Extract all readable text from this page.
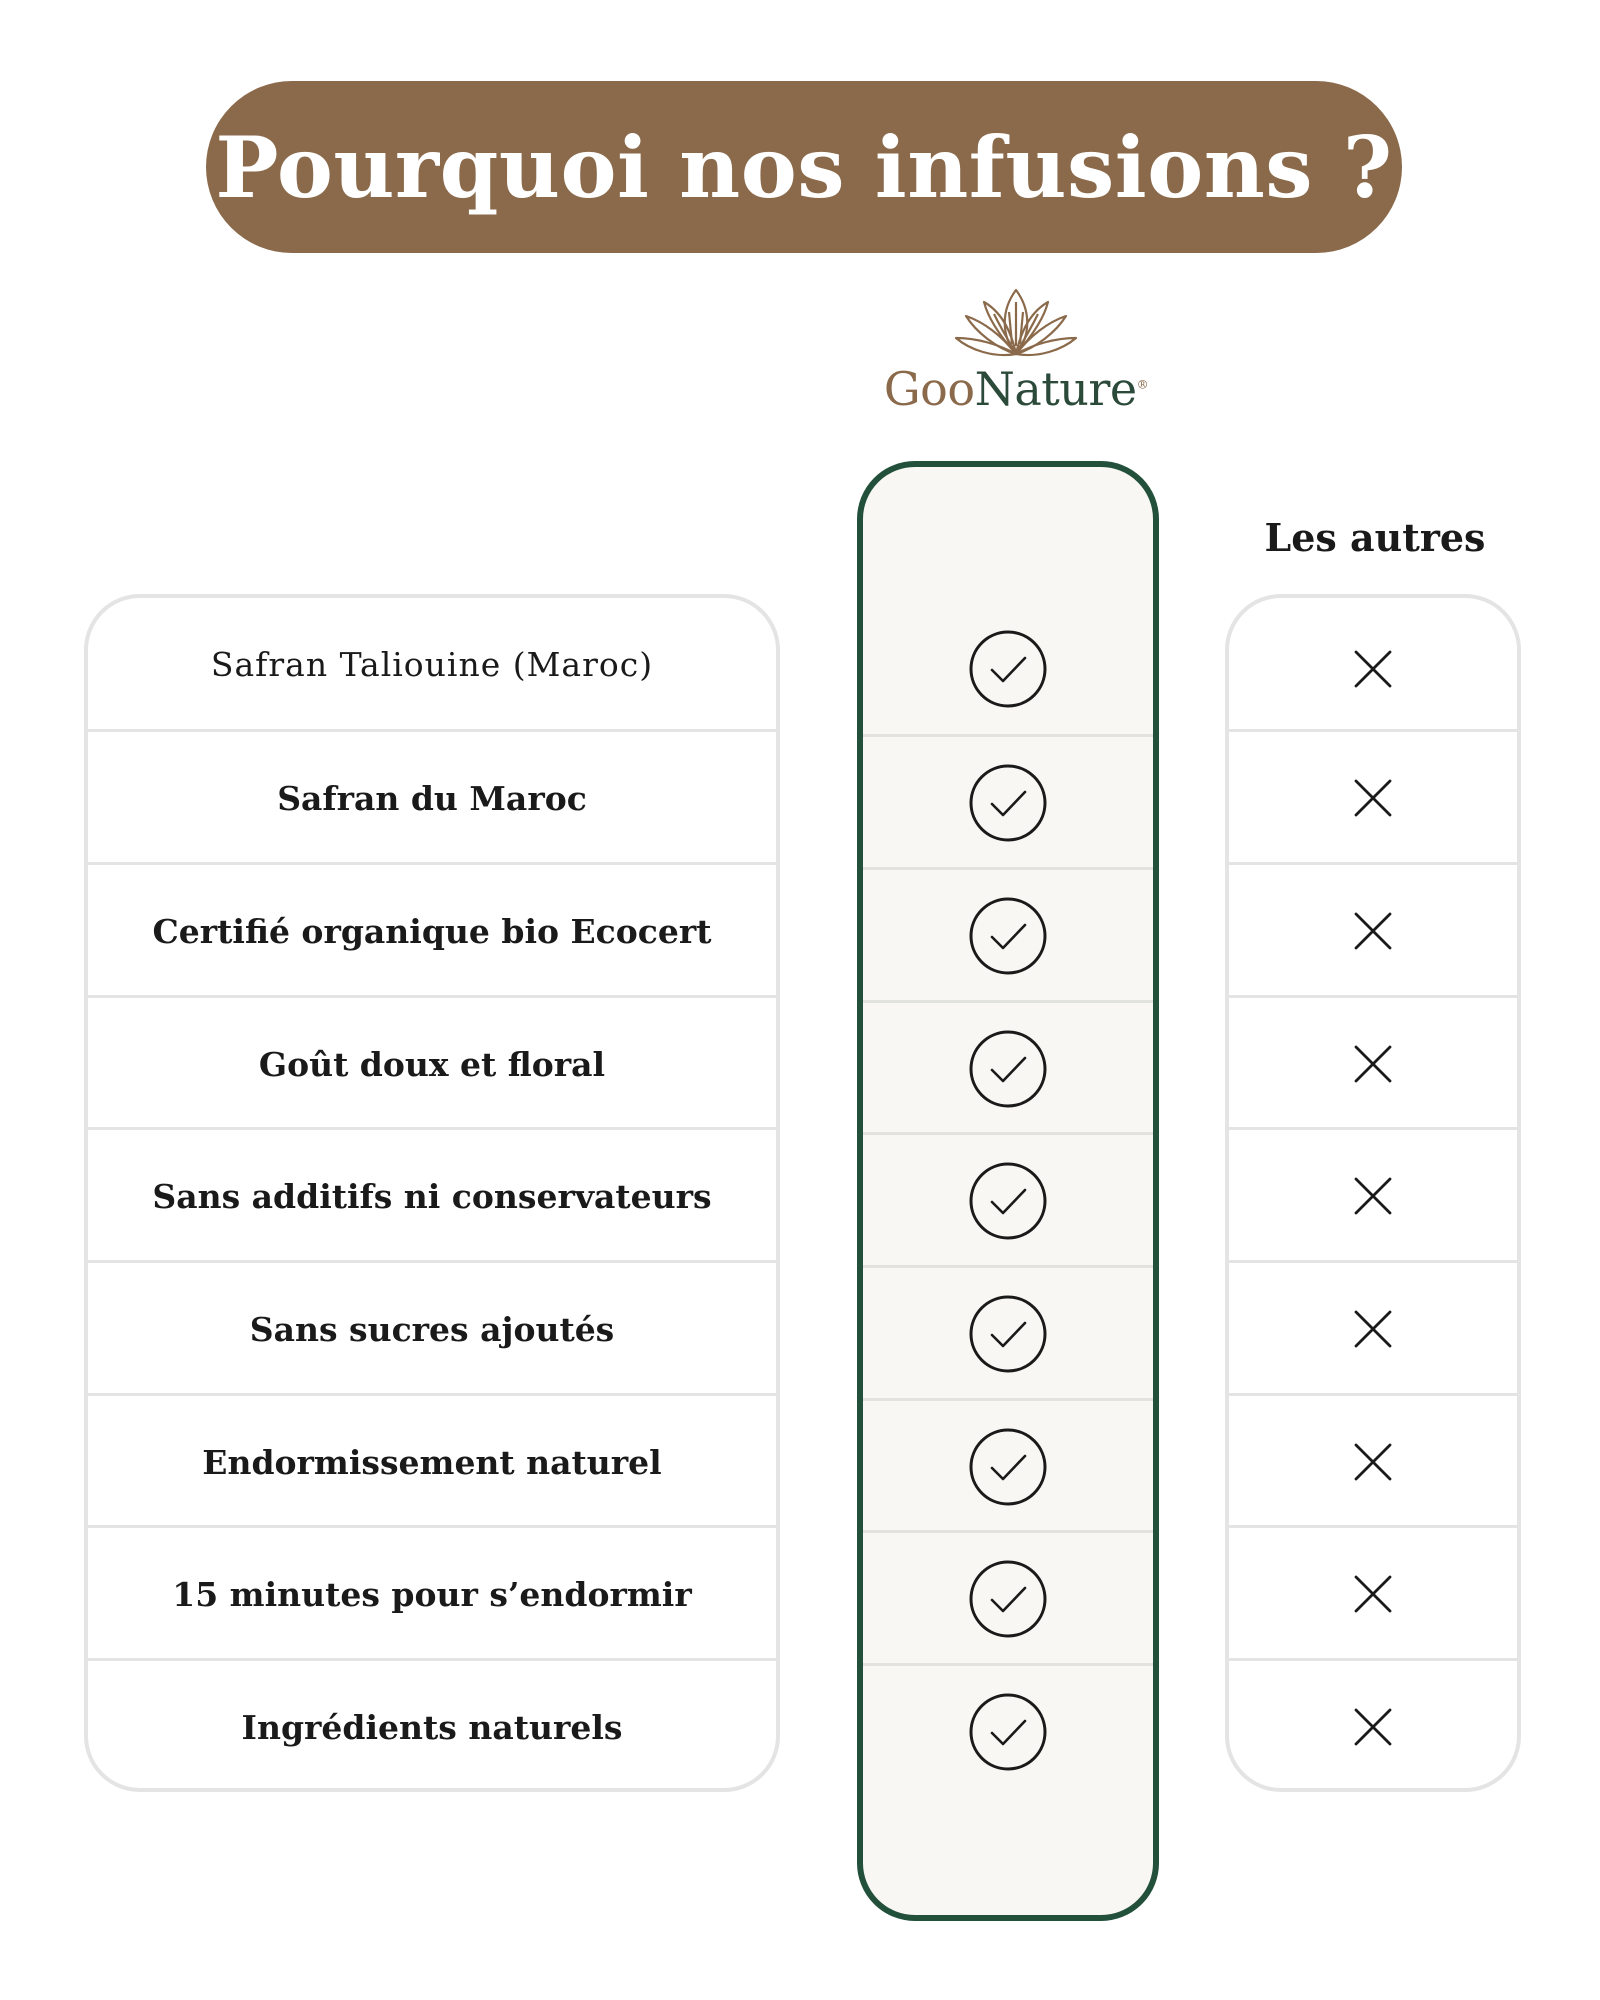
Pourquoi nos infusions ?
GooNature®
Les autres
Safran Taliouine (Maroc)
Safran du Maroc
Certifié organique bio Ecocert
Goût doux et floral
Sans additifs ni conservateurs
Sans sucres ajoutés
Endormissement naturel
15 minutes pour s’endormir
Ingrédients naturels
